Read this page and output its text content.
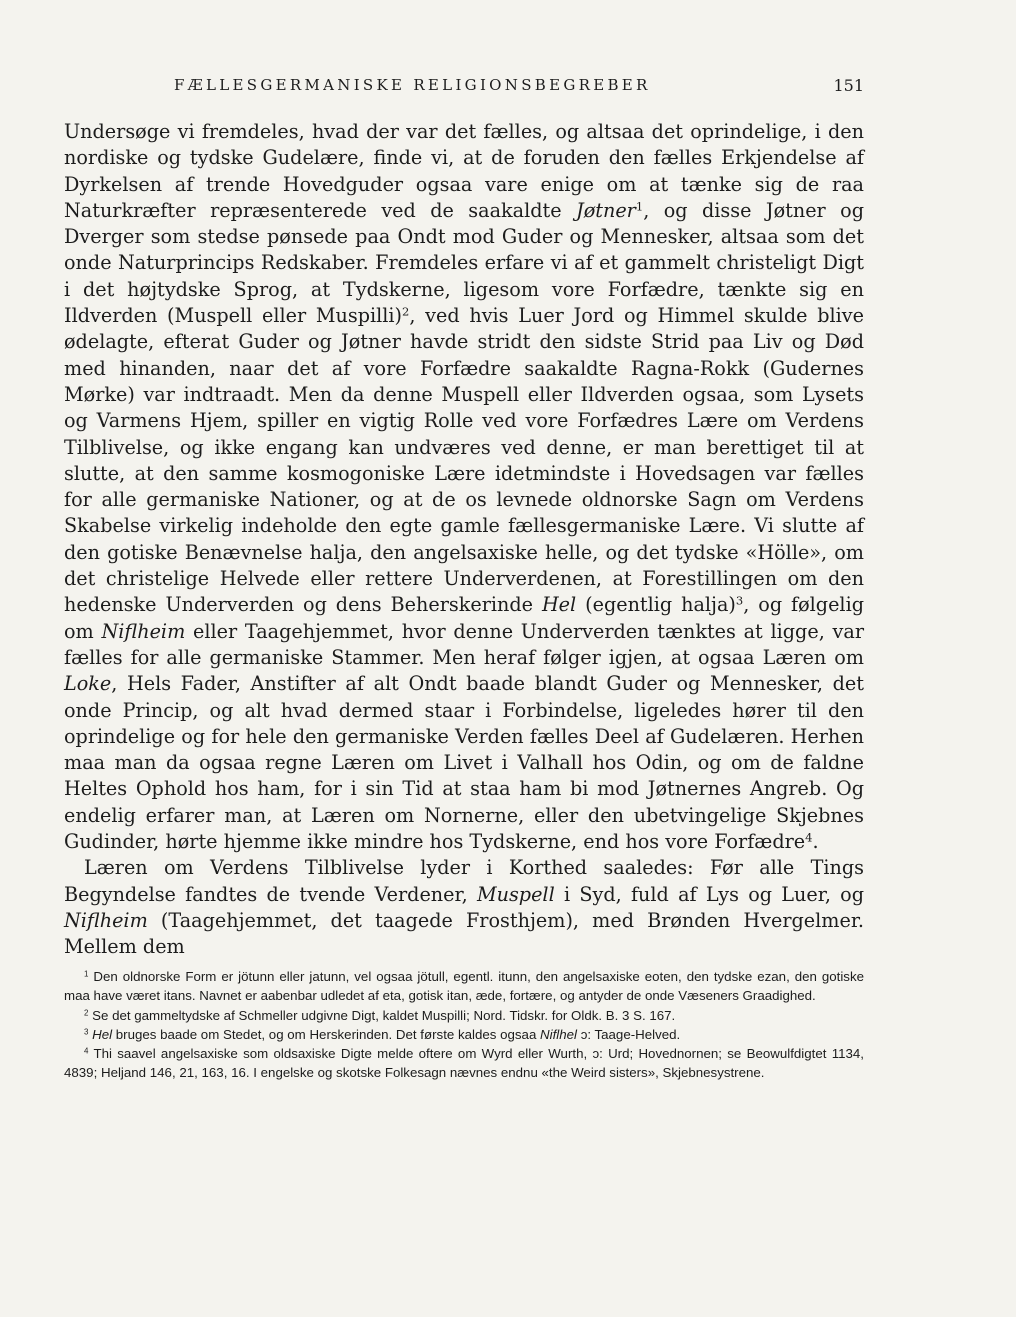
FÆLLESGERMANISKE RELIGIONSBEGREBER	151

Undersøge vi fremdeles, hvad der var det fælles, og altsaa det oprindelige, i den nordiske og tydske Gudelære, finde vi, at de foruden den fælles Erkjendelse af Dyrkelsen af trende Hovedguder ogsaa vare enige om at tænke sig de raa Naturkræfter repræsenterede ved de saakaldte Jøtner$^1$, og disse Jøtner og Dverger som stedse pønsede paa Ondt mod Guder og Mennesker, altsaa som det onde Naturprincips Redskaber. Fremdeles erfare vi af et gammelt christeligt Digt i det højtydske Sprog, at Tydskerne, ligesom vore Forfædre, tænkte sig en Ildverden (Muspell eller Muspilli)$^2$, ved hvis Luer Jord og Himmel skulde blive ødelagte, efterat Guder og Jøtner havde stridt den sidste Strid paa Liv og Død med hinanden, naar det af vore Forfædre saakaldte Ragna-Rokk (Gudernes Mørke) var indtraadt. Men da denne Muspell eller Ildverden ogsaa, som Lysets og Varmens Hjem, spiller en vigtig Rolle ved vore Forfædres Lære om Verdens Tilblivelse, og ikke engang kan undværes ved denne, er man berettiget til at slutte, at den samme kosmogoniske Lære idetmindste i Hovedsagen var fælles for alle germaniske Nationer, og at de os levnede oldnorske Sagn om Verdens Skabelse virkelig indeholde den egte gamle fællesgermaniske Lære. Vi slutte af den gotiske Benævnelse halja, den angelsaxiske helle, og det tydske «Hölle», om det christelige Helvede eller rettere Underverdenen, at Forestillingen om den hedenske Underverden og dens Beherskerinde Hel (egentlig halja)$^3$, og følgelig om Niflheim eller Taagehjemmet, hvor denne Underverden tænktes at ligge, var fælles for alle germaniske Stammer. Men heraf følger igjen, at ogsaa Læren om Loke, Hels Fader, Anstifter af alt Ondt baade blandt Guder og Mennesker, det onde Princip, og alt hvad dermed staar i Forbindelse, ligeledes hører til den oprindelige og for hele den germaniske Verden fælles Deel af Gudelæren. Herhen maa man da ogsaa regne Læren om Livet i Valhall hos Odin, og om de faldne Heltes Ophold hos ham, for i sin Tid at staa ham bi mod Jøtnernes Angreb. Og endelig erfarer man, at Læren om Nornerne, eller den ubetvingelige Skjebnes Gudinder, hørte hjemme ikke mindre hos Tydskerne, end hos vore Forfædre$^4$.

Læren om Verdens Tilblivelse lyder i Korthed saaledes: Før alle Tings Begyndelse fandtes de tvende Verdener, Muspell i Syd, fuld af Lys og Luer, og Niflheim (Taagehjemmet, det taagede Frosthjem), med Brønden Hvergelmer. Mellem dem

$^1$ Den oldnorske Form er jötunn eller jatunn, vel ogsaa jötull, egentl. itunn, den angelsaxiske eoten, den tydske ezan, den gotiske maa have været itans. Navnet er aabenbar udledet af eta, gotisk itan, æde, fortære, og antyder de onde Væseners Graadighed.

$^2$ Se det gammeltydske af Schmeller udgivne Digt, kaldet Muspilli; Nord. Tidskr. for Oldk. B. 3 S. 167.

$^3$ Hel bruges baade om Stedet, og om Herskerinden. Det første kaldes ogsaa Niflhel ɔ: Taage-Helved.

$^4$ Thi saavel angelsaxiske som oldsaxiske Digte melde oftere om Wyrd eller Wurth, ɔ: Urd; Hovednornen; se Beowulfdigtet 1134, 4839; Heljand 146, 21, 163, 16. I engelske og skotske Folkesagn nævnes endnu «the Weird sisters», Skjebnesystrene.
